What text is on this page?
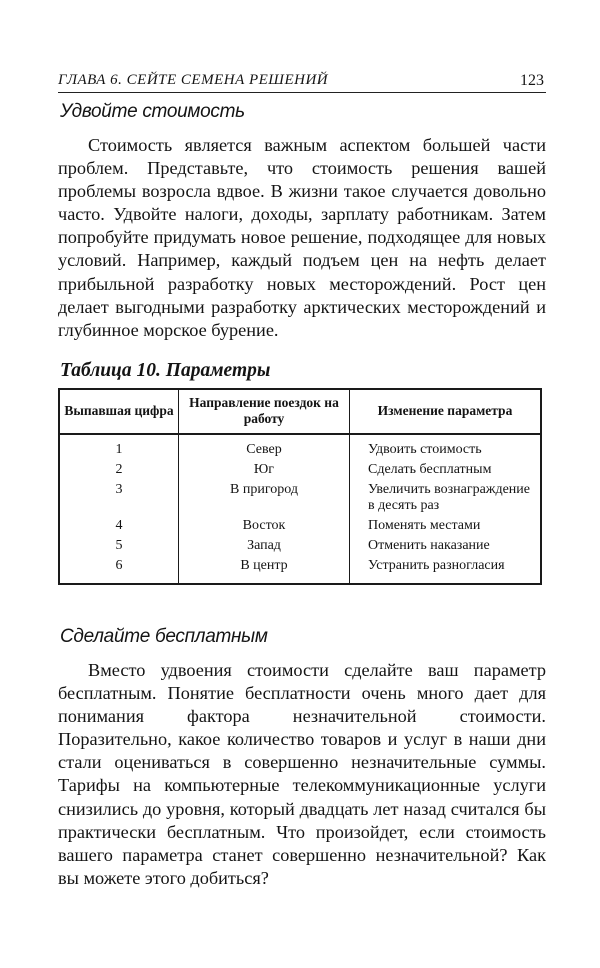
ГЛАВА 6. СЕЙТЕ СЕМЕНА РЕШЕНИЙ	123
Удвойте стоимость

Стоимость является важным аспектом большей части проблем. Представьте, что стоимость решения вашей проблемы возросла вдвое. В жизни такое случается довольно часто. Удвойте налоги, доходы, зарплату работникам. Затем попробуйте придумать новое решение, подходящее для новых условий. Например, каждый подъем цен на нефть делает прибыльной разработку новых месторождений. Рост цен делает выгодными разработку арктических месторождений и глубинное морское бурение.

Таблица 10. Параметры
Выпавшая цифра	Направление поездок на работу	Изменение параметра
1	Север	Удвоить стоимость
2	Юг	Сделать бесплатным
3	В пригород	Увеличить вознаграждение в десять раз
4	Восток	Поменять местами
5	Запад	Отменить наказание
6	В центр	Устранить разногласия
Сделайте бесплатным

Вместо удвоения стоимости сделайте ваш параметр бесплатным. Понятие бесплатности очень много дает для понимания фактора незначительной стоимости. Поразительно, какое количество товаров и услуг в наши дни стали оцениваться в совершенно незначительные суммы. Тарифы на компьютерные телекоммуникационные услуги снизились до уровня, который двадцать лет назад считался бы практически бесплатным. Что произойдет, если стоимость вашего параметра станет совершенно незначительной? Как вы можете этого добиться?
